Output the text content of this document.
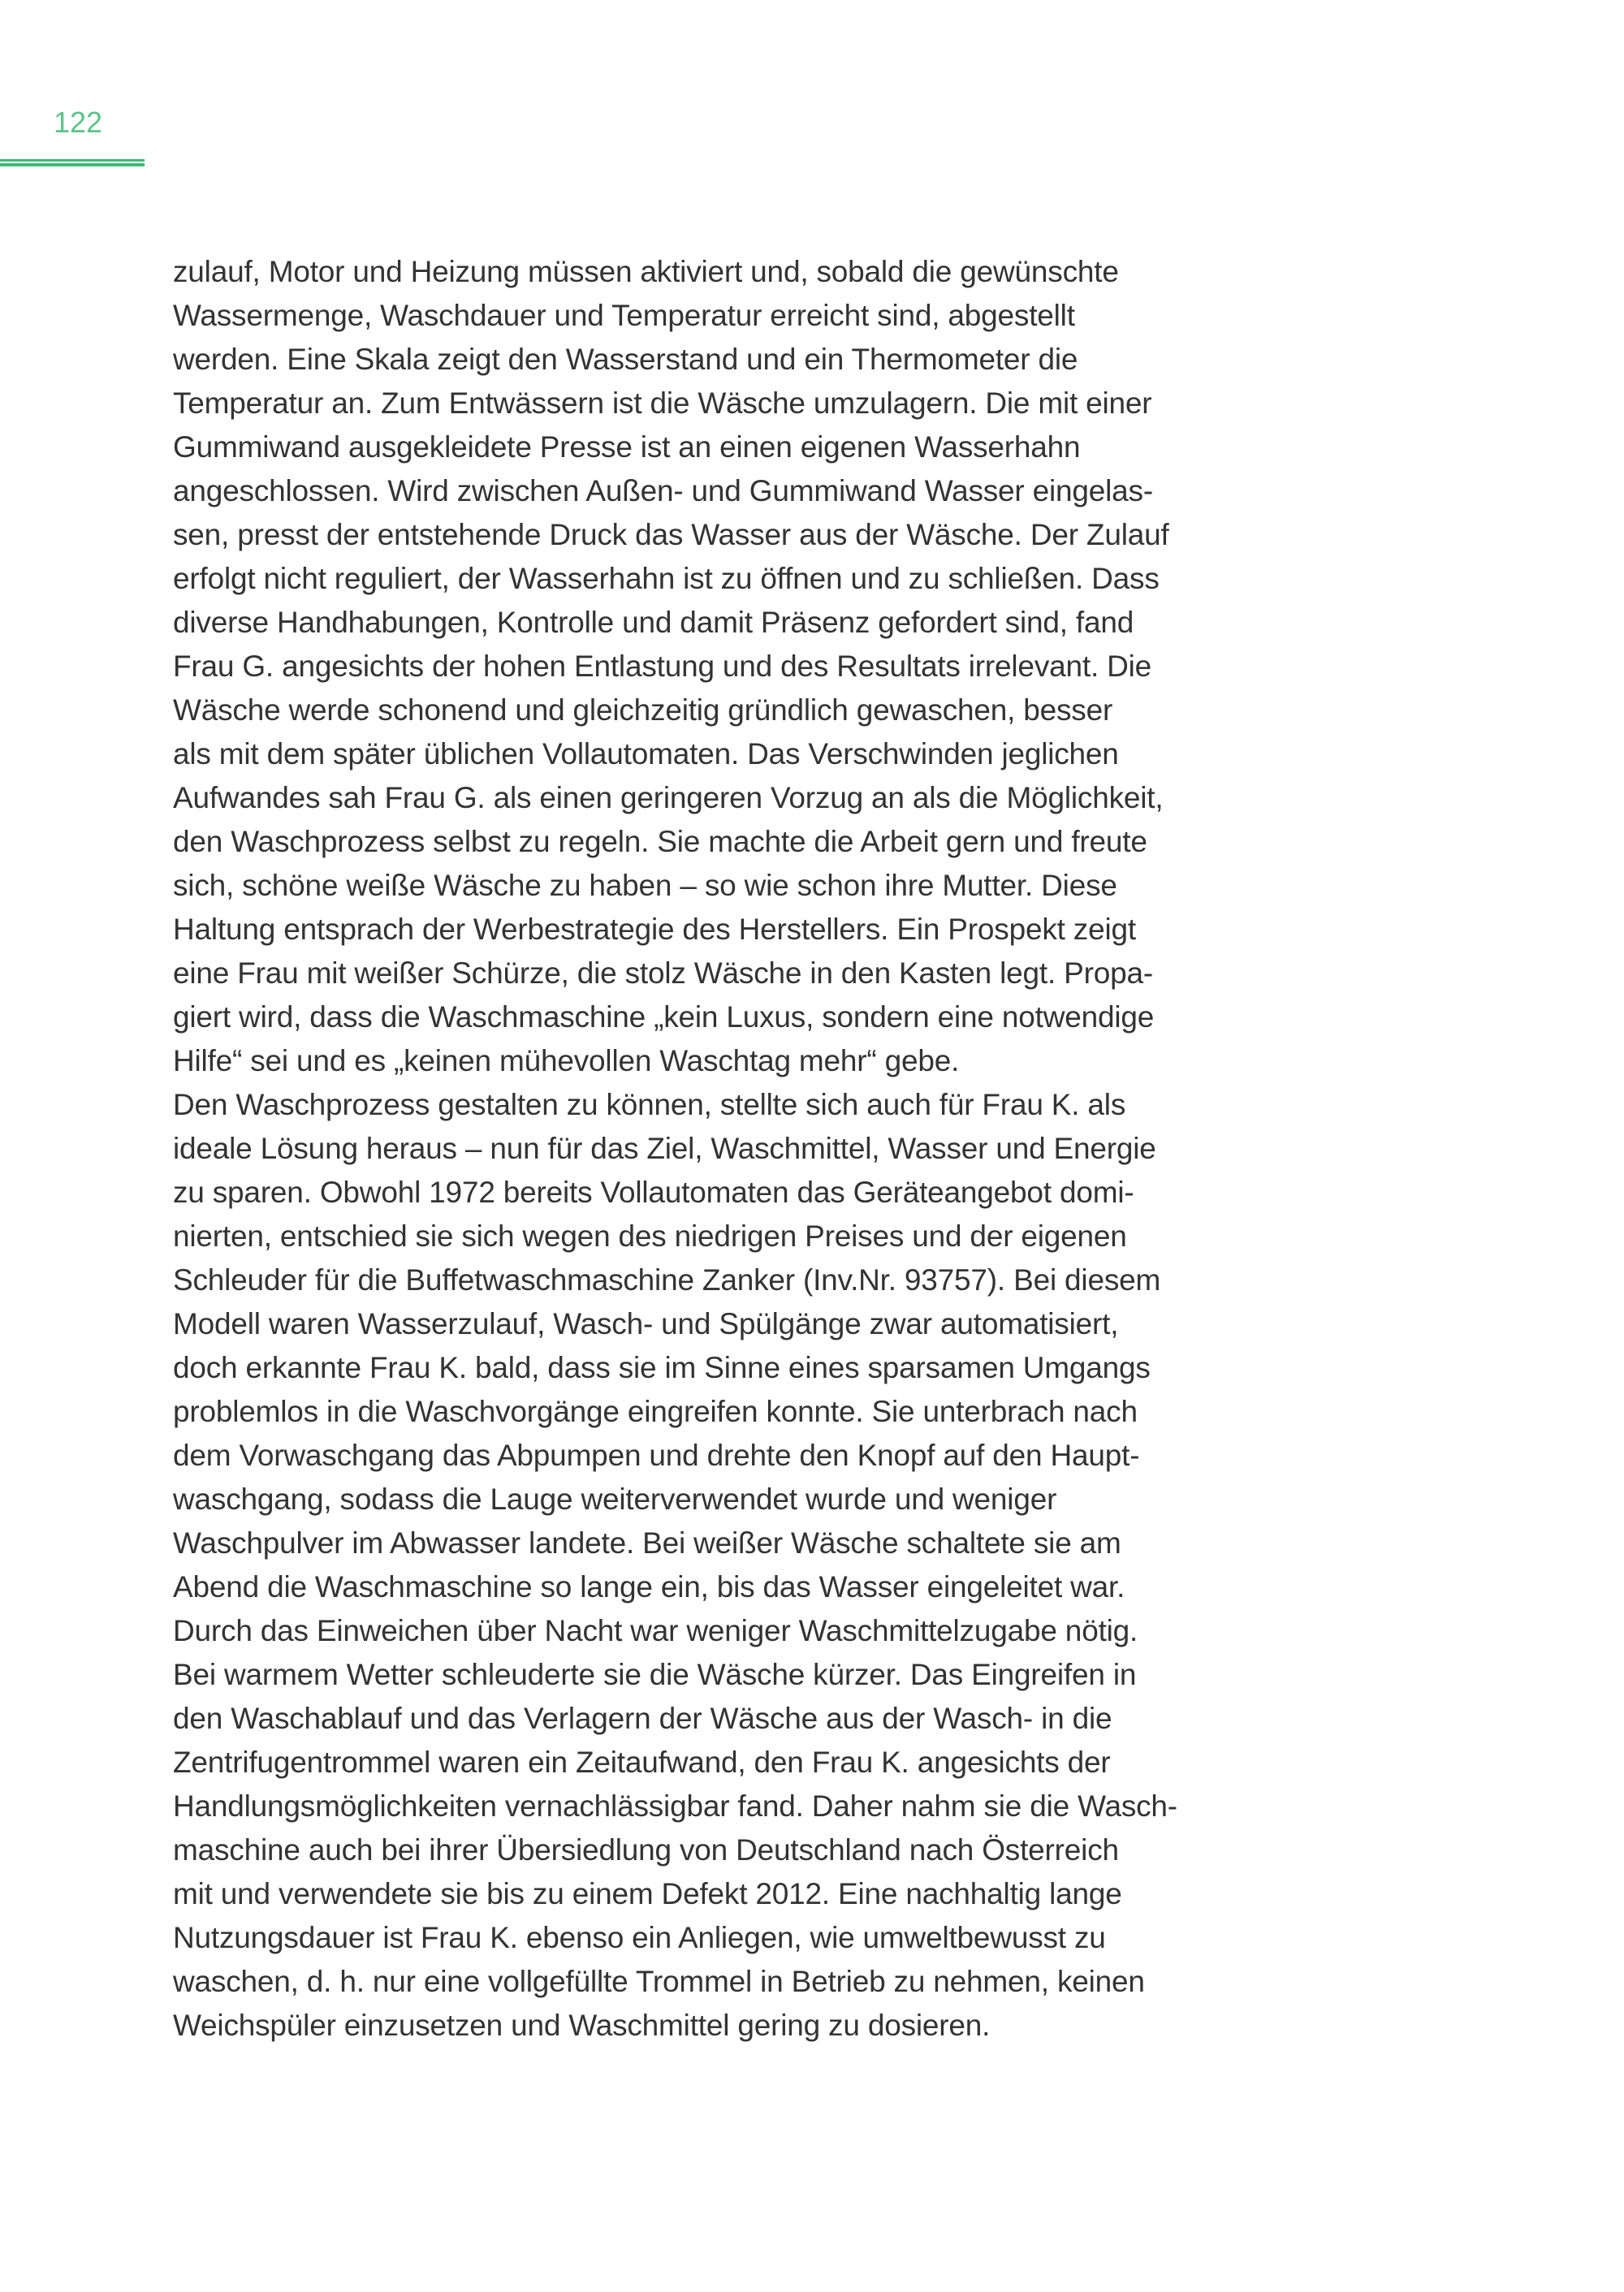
122
zulauf, Motor und Heizung müssen aktiviert und, sobald die gewünschte
Wassermenge, Waschdauer und Temperatur erreicht sind, abgestellt
werden. Eine Skala zeigt den Wasserstand und ein Thermometer die
Temperatur an. Zum Entwässern ist die Wäsche umzulagern. Die mit einer
Gummiwand ausgekleidete Presse ist an einen eigenen Wasserhahn
angeschlossen. Wird zwischen Außen- und Gummiwand Wasser eingelas-
sen, presst der entstehende Druck das Wasser aus der Wäsche. Der Zulauf
erfolgt nicht reguliert, der Wasserhahn ist zu öffnen und zu schließen. Dass
diverse Handhabungen, Kontrolle und damit Präsenz gefordert sind, fand
Frau G. angesichts der hohen Entlastung und des Resultats irrelevant. Die
Wäsche werde schonend und gleichzeitig gründlich gewaschen, besser
als mit dem später üblichen Vollautomaten. Das Verschwinden jeglichen
Aufwandes sah Frau G. als einen geringeren Vorzug an als die Möglichkeit,
den Waschprozess selbst zu regeln. Sie machte die Arbeit gern und freute
sich, schöne weiße Wäsche zu haben – so wie schon ihre Mutter. Diese
Haltung entsprach der Werbestrategie des Herstellers. Ein Prospekt zeigt
eine Frau mit weißer Schürze, die stolz Wäsche in den Kasten legt. Propa-
giert wird, dass die Waschmaschine „kein Luxus, sondern eine notwendige
Hilfe“ sei und es „keinen mühevollen Waschtag mehr“ gebe.
Den Waschprozess gestalten zu können, stellte sich auch für Frau K. als
ideale Lösung heraus – nun für das Ziel, Waschmittel, Wasser und Energie
zu sparen. Obwohl 1972 bereits Vollautomaten das Geräteangebot domi-
nierten, entschied sie sich wegen des niedrigen Preises und der eigenen
Schleuder für die Buffetwaschmaschine Zanker (Inv.Nr. 93757). Bei diesem
Modell waren Wasserzulauf, Wasch- und Spülgänge zwar automatisiert,
doch erkannte Frau K. bald, dass sie im Sinne eines sparsamen Umgangs
problemlos in die Waschvorgänge eingreifen konnte. Sie unterbrach nach
dem Vorwaschgang das Abpumpen und drehte den Knopf auf den Haupt-
waschgang, sodass die Lauge weiterverwendet wurde und weniger
Waschpulver im Abwasser landete. Bei weißer Wäsche schaltete sie am
Abend die Waschmaschine so lange ein, bis das Wasser eingeleitet war.
Durch das Einweichen über Nacht war weniger Waschmittelzugabe nötig.
Bei warmem Wetter schleuderte sie die Wäsche kürzer. Das Eingreifen in
den Waschablauf und das Verlagern der Wäsche aus der Wasch- in die
Zentrifugentrommel waren ein Zeitaufwand, den Frau K. angesichts der
Handlungsmöglichkeiten vernachlässigbar fand. Daher nahm sie die Wasch-
maschine auch bei ihrer Übersiedlung von Deutschland nach Österreich
mit und verwendete sie bis zu einem Defekt 2012. Eine nachhaltig lange
Nutzungsdauer ist Frau K. ebenso ein Anliegen, wie umweltbewusst zu
waschen, d. h. nur eine vollgefüllte Trommel in Betrieb zu nehmen, keinen
Weichspüler einzusetzen und Waschmittel gering zu dosieren.
